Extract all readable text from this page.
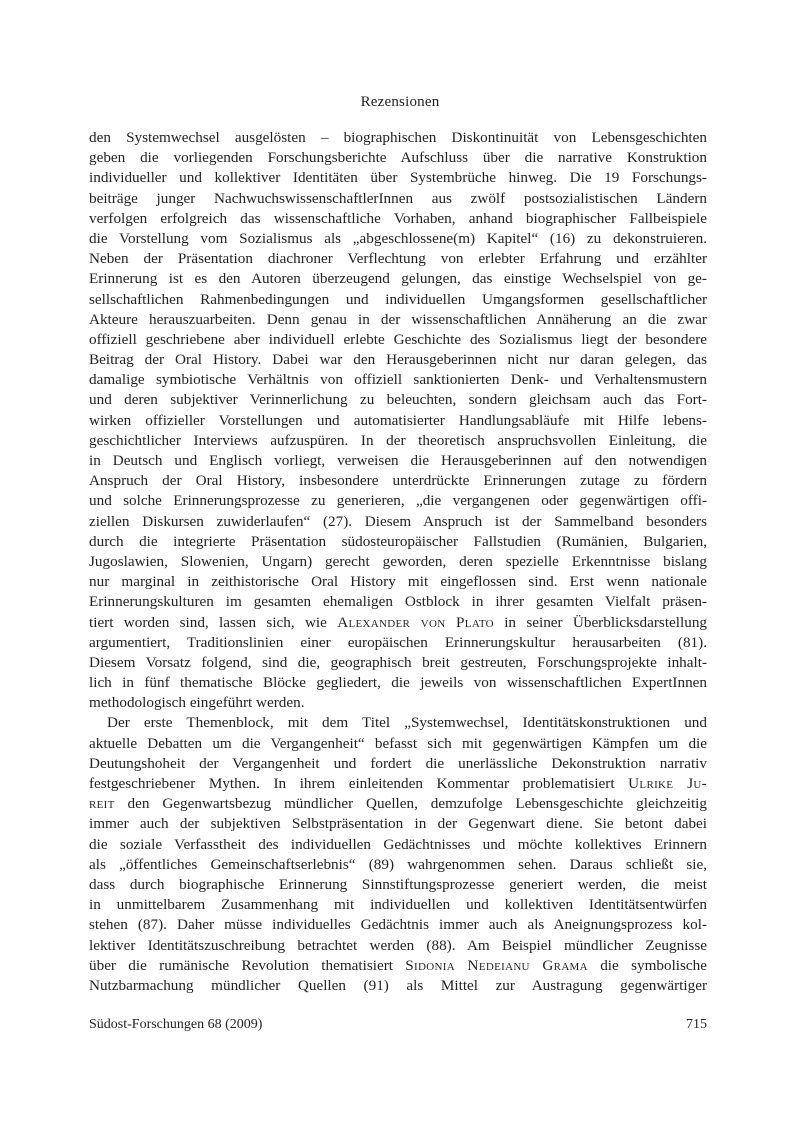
Rezensionen
den Systemwechsel ausgelösten – biographischen Diskontinuität von Lebensgeschichten
geben die vorliegenden Forschungsberichte Aufschluss über die narrative Konstruktion
individueller und kollektiver Identitäten über Systembrüche hinweg. Die 19 Forschungs-
beiträge junger NachwuchswissenschaftlerInnen aus zwölf postsozialistischen Ländern
verfolgen erfolgreich das wissenschaftliche Vorhaben, anhand biographischer Fallbeispiele
die Vorstellung vom Sozialismus als „abgeschlossene(m) Kapitel“ (16) zu dekonstruieren.
Neben der Präsentation diachroner Verflechtung von erlebter Erfahrung und erzählter
Erinnerung ist es den Autoren überzeugend gelungen, das einstige Wechselspiel von ge-
sellschaftlichen Rahmenbedingungen und individuellen Umgangsformen gesellschaftlicher
Akteure herauszuarbeiten. Denn genau in der wissenschaftlichen Annäherung an die zwar
offiziell geschriebene aber individuell erlebte Geschichte des Sozialismus liegt der besondere
Beitrag der Oral History. Dabei war den Herausgeberinnen nicht nur daran gelegen, das
damalige symbiotische Verhältnis von offiziell sanktionierten Denk- und Verhaltensmustern
und deren subjektiver Verinnerlichung zu beleuchten, sondern gleichsam auch das Fort-
wirken offizieller Vorstellungen und automatisierter Handlungsabläufe mit Hilfe lebens-
geschichtlicher Interviews aufzuspüren. In der theoretisch anspruchsvollen Einleitung, die
in Deutsch und Englisch vorliegt, verweisen die Herausgeberinnen auf den notwendigen
Anspruch der Oral History, insbesondere unterdrückte Erinnerungen zutage zu fördern
und solche Erinnerungsprozesse zu generieren, „die vergangenen oder gegenwärtigen offi-
ziellen Diskursen zuwiderlaufen“ (27). Diesem Anspruch ist der Sammelband besonders
durch die integrierte Präsentation südosteuropäischer Fallstudien (Rumänien, Bulgarien,
Jugoslawien, Slowenien, Ungarn) gerecht geworden, deren spezielle Erkenntnisse bislang
nur marginal in zeithistorische Oral History mit eingeflossen sind. Erst wenn nationale
Erinnerungskulturen im gesamten ehemaligen Ostblock in ihrer gesamten Vielfalt präsen-
tiert worden sind, lassen sich, wie Alexander von Plato in seiner Überblicksdarstellung
argumentiert, Traditionslinien einer europäischen Erinnerungskultur herausarbeiten (81).
Diesem Vorsatz folgend, sind die, geographisch breit gestreuten, Forschungsprojekte inhalt-
lich in fünf thematische Blöcke gegliedert, die jeweils von wissenschaftlichen ExpertInnen
methodologisch eingeführt werden.
Der erste Themenblock, mit dem Titel „Systemwechsel, Identitätskonstruktionen und
aktuelle Debatten um die Vergangenheit“ befasst sich mit gegenwärtigen Kämpfen um die
Deutungshoheit der Vergangenheit und fordert die unerlässliche Dekonstruktion narrativ
festgeschriebener Mythen. In ihrem einleitenden Kommentar problematisiert Ulrike Ju-
reit den Gegenwartsbezug mündlicher Quellen, demzufolge Lebensgeschichte gleichzeitig
immer auch der subjektiven Selbstpräsentation in der Gegenwart diene. Sie betont dabei
die soziale Verfasstheit des individuellen Gedächtnisses und möchte kollektives Erinnern
als „öffentliches Gemeinschaftserlebnis“ (89) wahrgenommen sehen. Daraus schließt sie,
dass durch biographische Erinnerung Sinnstiftungsprozesse generiert werden, die meist
in unmittelbarem Zusammenhang mit individuellen und kollektiven Identitätsentwürfen
stehen (87). Daher müsse individuelles Gedächtnis immer auch als Aneignungsprozess kol-
lektiver Identitätszuschreibung betrachtet werden (88). Am Beispiel mündlicher Zeugnisse
über die rumänische Revolution thematisiert Sidonia Nedeianu Grama die symbolische
Nutzbarmachung mündlicher Quellen (91) als Mittel zur Austragung gegenwärtiger
Südost-Forschungen 68 (2009)	715
